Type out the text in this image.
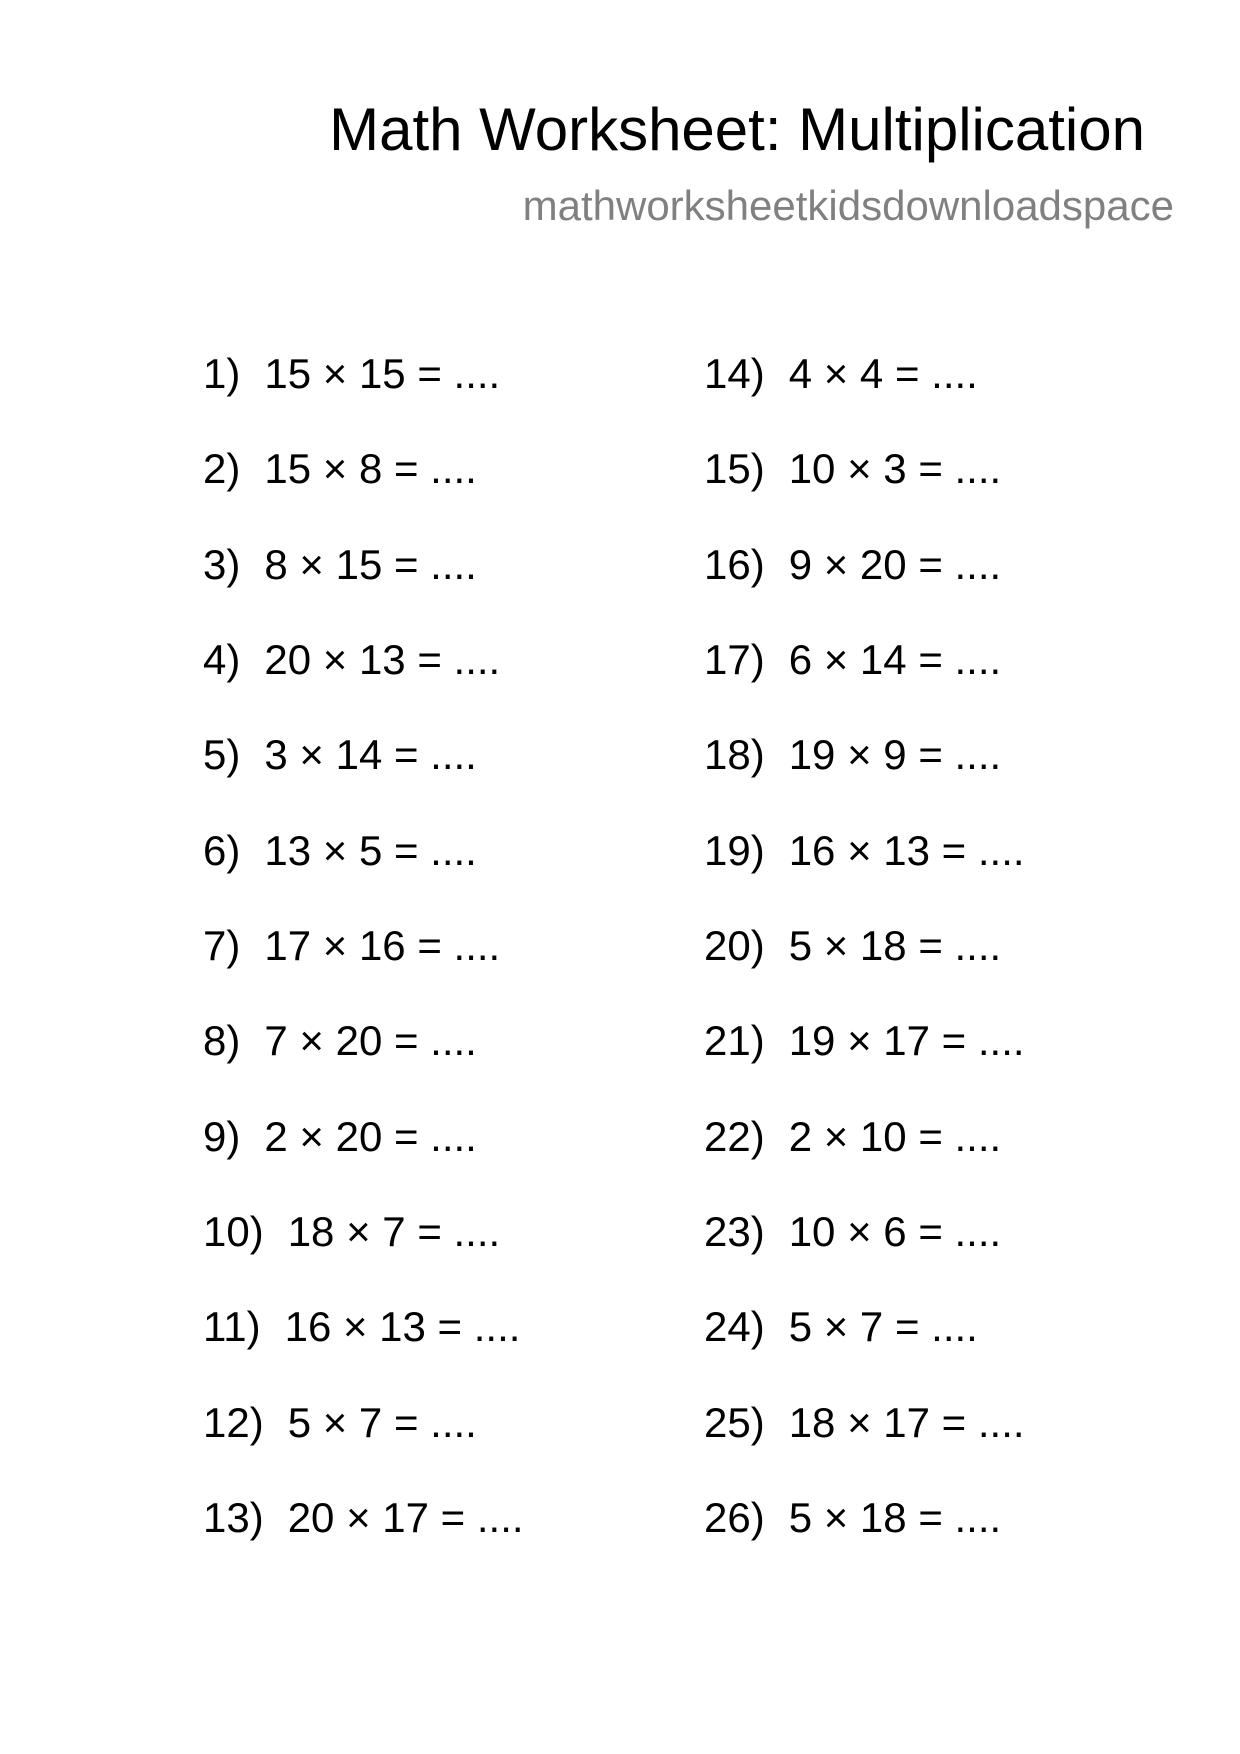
Math Worksheet: Multiplication
mathworksheetkidsdownloadspace
1) 15 × 15 = ....
2) 15 × 8 = ....
3) 8 × 15 = ....
4) 20 × 13 = ....
5) 3 × 14 = ....
6) 13 × 5 = ....
7) 17 × 16 = ....
8) 7 × 20 = ....
9) 2 × 20 = ....
10) 18 × 7 = ....
11) 16 × 13 = ....
12) 5 × 7 = ....
13) 20 × 17 = ....
14) 4 × 4 = ....
15) 10 × 3 = ....
16) 9 × 20 = ....
17) 6 × 14 = ....
18) 19 × 9 = ....
19) 16 × 13 = ....
20) 5 × 18 = ....
21) 19 × 17 = ....
22) 2 × 10 = ....
23) 10 × 6 = ....
24) 5 × 7 = ....
25) 18 × 17 = ....
26) 5 × 18 = ....
